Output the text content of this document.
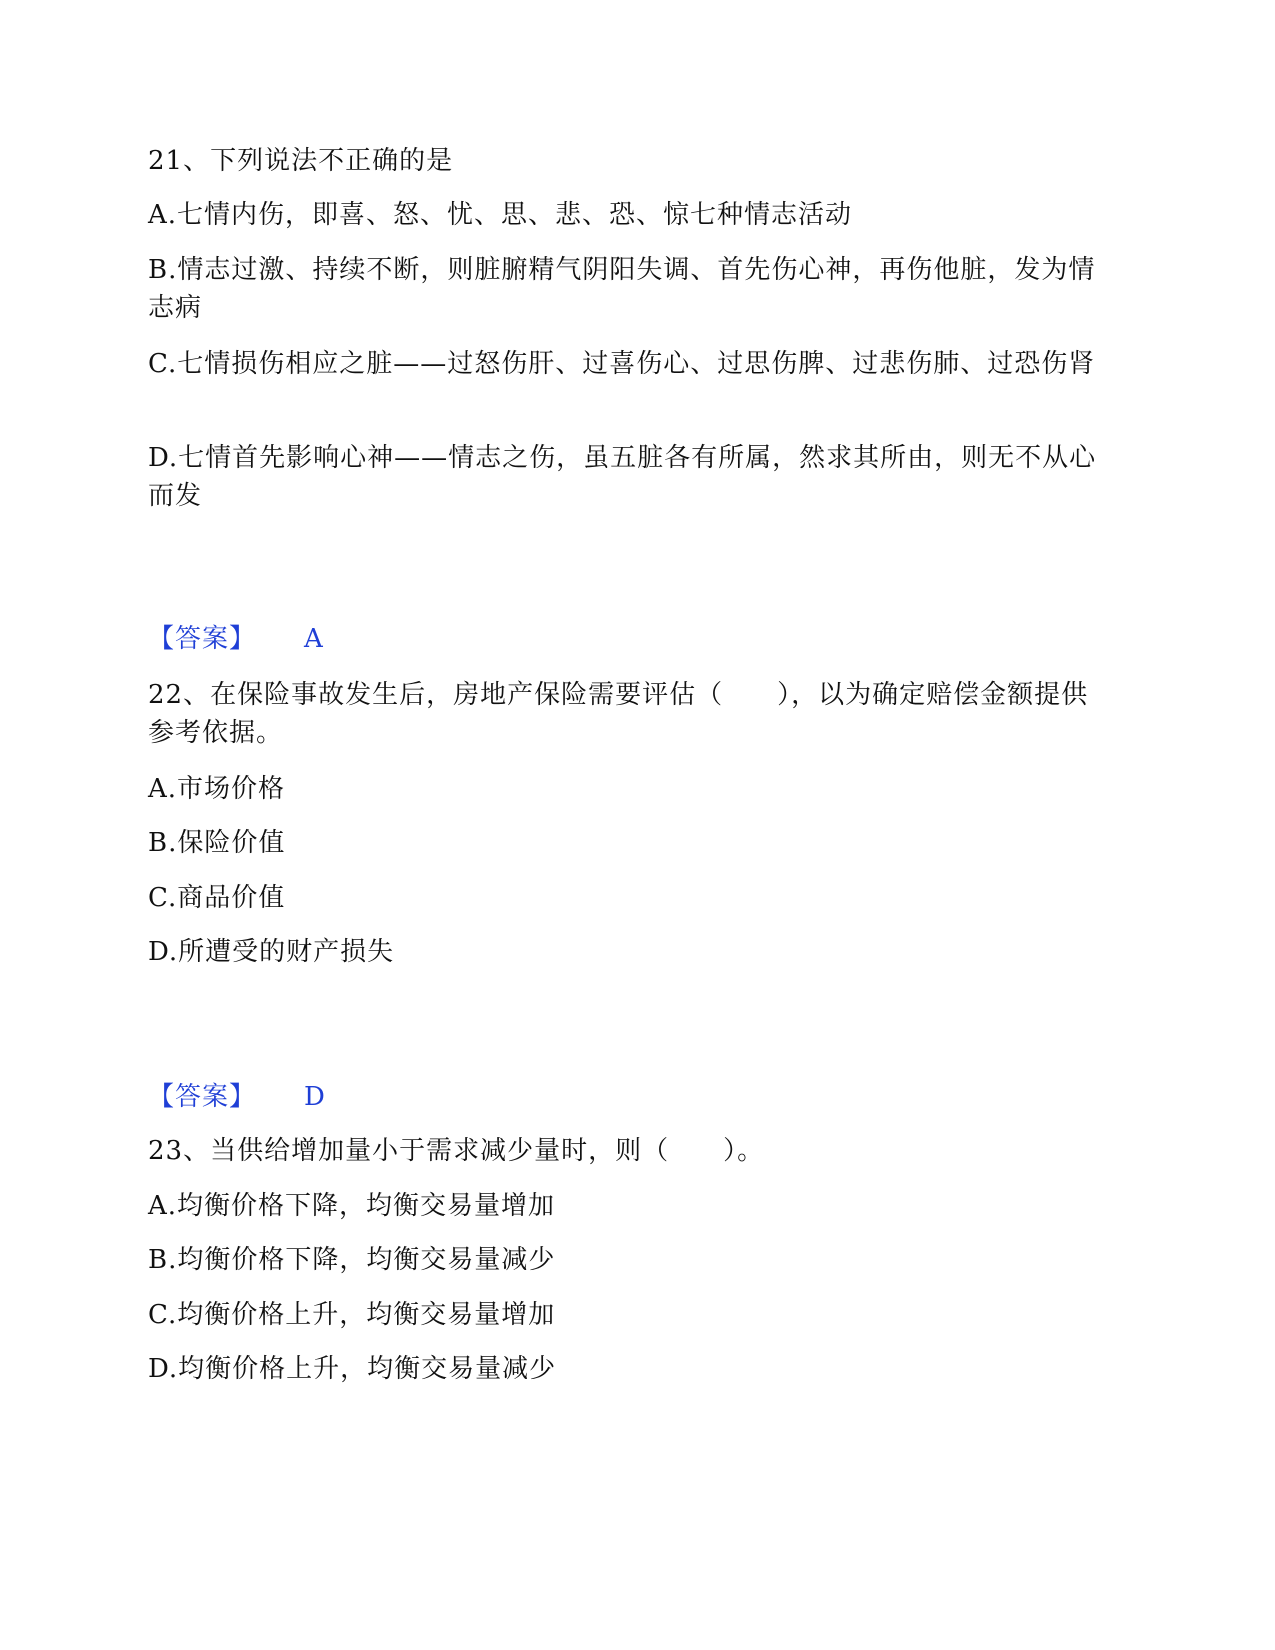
21、下列说法不正确的是
A.七情内伤，即喜、怒、忧、思、悲、恐、惊七种情志活动
B.情志过激、持续不断，则脏腑精气阴阳失调、首先伤心神，再伤他脏，发为情志病
C.七情损伤相应之脏——过怒伤肝、过喜伤心、过思伤脾、过悲伤肺、过恐伤肾
D.七情首先影响心神——情志之伤，虽五脏各有所属，然求其所由，则无不从心而发
【答案】 A
22、在保险事故发生后，房地产保险需要评估（　　），以为确定赔偿金额提供参考依据。
A.市场价格
B.保险价值
C.商品价值
D.所遭受的财产损失
【答案】 D
23、当供给增加量小于需求减少量时，则（　　）。
A.均衡价格下降，均衡交易量增加
B.均衡价格下降，均衡交易量减少
C.均衡价格上升，均衡交易量增加
D.均衡价格上升，均衡交易量减少
